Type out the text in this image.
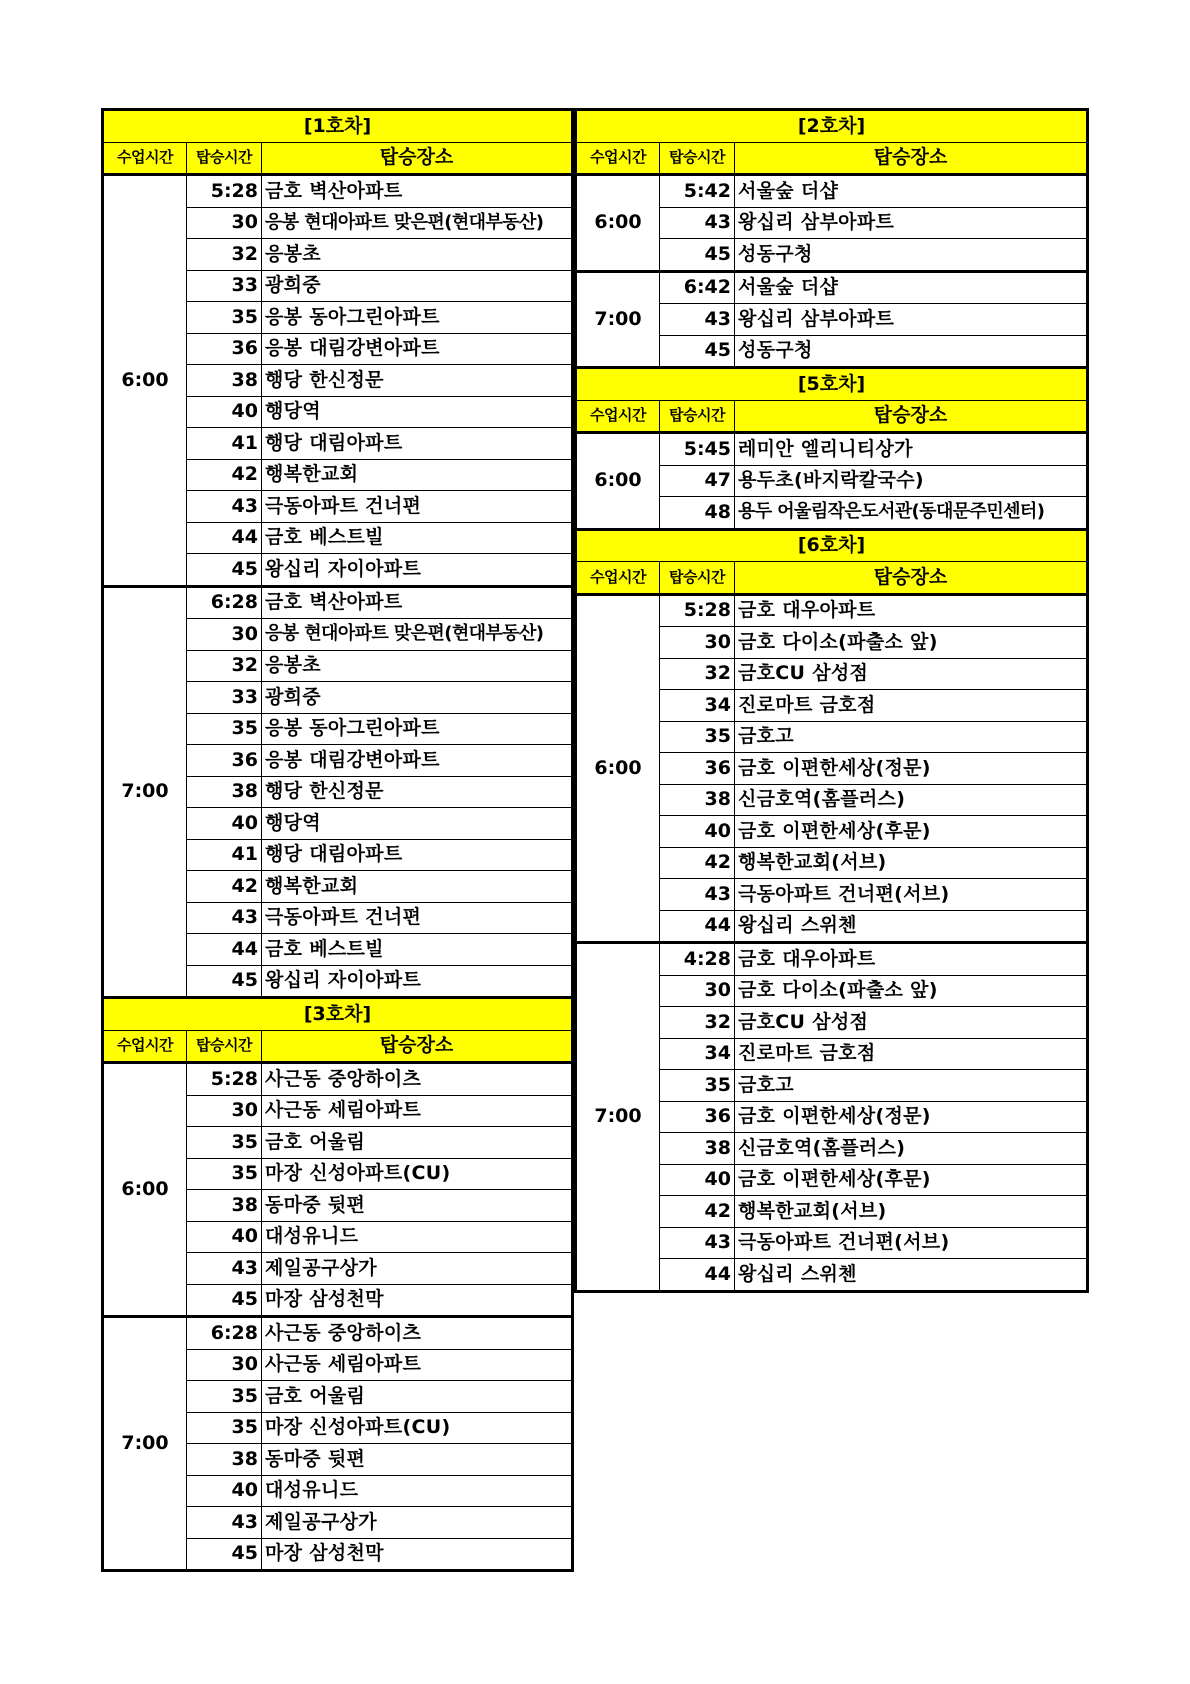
[1호차]		
수업시간	탑승시간	탑승장소
6:00	5:28	금호 벽산아파트
	30	응봉 현대아파트 맞은편(현대부동산)
	32	응봉초
	33	광희중
	35	응봉 동아그린아파트
	36	응봉 대림강변아파트
	38	행당 한신정문
	40	행당역
	41	행당 대림아파트
	42	행복한교회
	43	극동아파트 건너편
	44	금호 베스트빌
	45	왕십리 자이아파트
7:00	6:28	금호 벽산아파트
	30	응봉 현대아파트 맞은편(현대부동산)
	32	응봉초
	33	광희중
	35	응봉 동아그린아파트
	36	응봉 대림강변아파트
	38	행당 한신정문
	40	행당역
	41	행당 대림아파트
	42	행복한교회
	43	극동아파트 건너편
	44	금호 베스트빌
	45	왕십리 자이아파트
[3호차]		
수업시간	탑승시간	탑승장소
6:00	5:28	사근동 중앙하이츠
	30	사근동 세림아파트
	35	금호 어울림
	35	마장 신성아파트(CU)
	38	동마중 뒷편
	40	대성유니드
	43	제일공구상가
	45	마장 삼성천막
7:00	6:28	사근동 중앙하이츠
	30	사근동 세림아파트
	35	금호 어울림
	35	마장 신성아파트(CU)
	38	동마중 뒷편
	40	대성유니드
	43	제일공구상가
	45	마장 삼성천막
[2호차]		
수업시간	탑승시간	탑승장소
6:00	5:42	서울숲 더샵
	43	왕십리 삼부아파트
	45	성동구청
7:00	6:42	서울숲 더샵
	43	왕십리 삼부아파트
	45	성동구청
[5호차]		
수업시간	탑승시간	탑승장소
6:00	5:45	레미안 엘리니티상가
	47	용두초(바지락칼국수)
	48	용두 어울림작은도서관(동대문주민센터)
[6호차]		
수업시간	탑승시간	탑승장소
6:00	5:28	금호 대우아파트
	30	금호 다이소(파출소 앞)
	32	금호CU 삼성점
	34	진로마트 금호점
	35	금호고
	36	금호 이편한세상(정문)
	38	신금호역(홈플러스)
	40	금호 이편한세상(후문)
	42	행복한교회(서브)
	43	극동아파트 건너편(서브)
	44	왕십리 스위첸
7:00	4:28	금호 대우아파트
	30	금호 다이소(파출소 앞)
	32	금호CU 삼성점
	34	진로마트 금호점
	35	금호고
	36	금호 이편한세상(정문)
	38	신금호역(홈플러스)
	40	금호 이편한세상(후문)
	42	행복한교회(서브)
	43	극동아파트 건너편(서브)
	44	왕십리 스위첸
